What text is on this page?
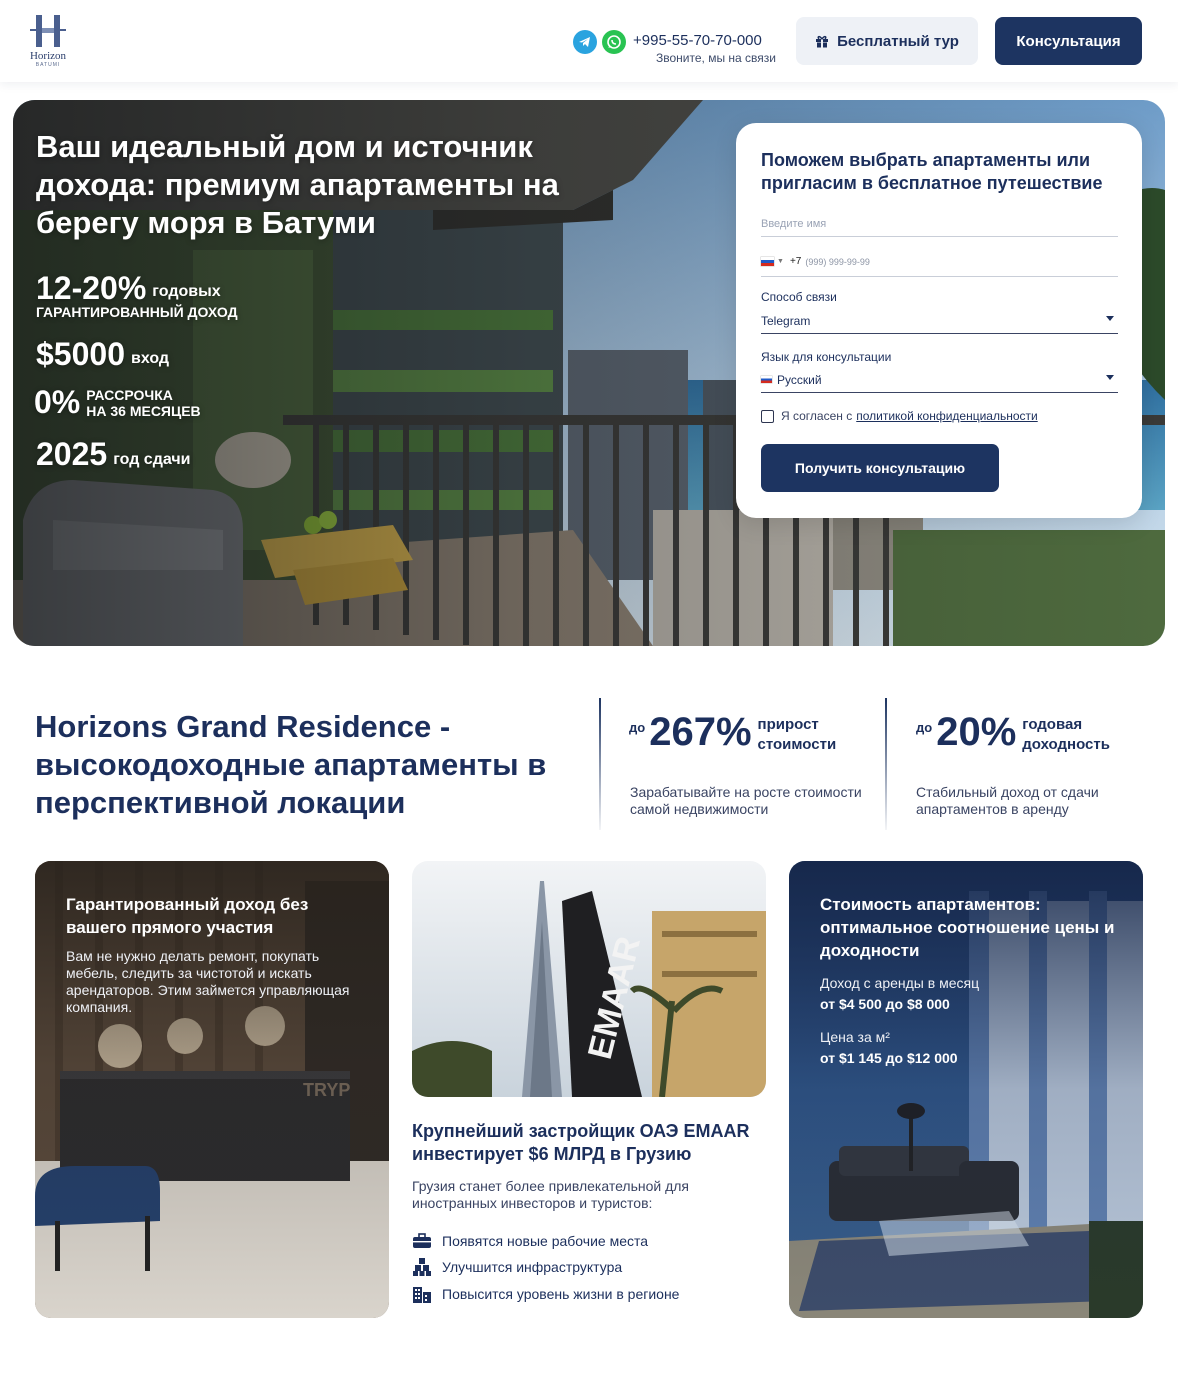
Horizon
BATUMI
+995-55-70-70-000
Звоните, мы на связи
Бесплатный тур	Консультация
Ваш идеальный дом и источник дохода: премиум апартаменты на берегу моря в Батуми
12-20% годовых
ГАРАНТИРОВАННЫЙ ДОХОД
$5000 вход
0% РАССРОЧКА
НА 36 МЕСЯЦЕВ
2025 год сдачи
Поможем выбрать апартаменты или пригласим в бесплатное путешествие
Введите имя
▼ +7
(999) 999-99-99
Способ связи
Telegram
Язык для консультации
Русский
Я согласен с политикой конфиденциальности
Получить консультацию
Horizons Grand Residence - высокодоходные апартаменты в перспективной локации
до 267% прирост
стоимости
Зарабатывайте на росте стоимости самой недвижимости
до 20% годовая
доходность
Стабильный доход от сдачи апартаментов в аренду
TRYP
Гарантированный доход без вашего прямого участия
Вам не нужно делать ремонт, покупать мебель, следить за чистотой и искать арендаторов. Этим займется управляющая компания.	EMAAR
Крупнейший застройщик ОАЭ EMAAR инвестирует $6 МЛРД в Грузию
Грузия станет более привлекательной для иностранных инвесторов и туристов:
Появятся новые рабочие места
Улучшится инфраструктура
Повысится уровень жизни в регионе
Стоимость апартаментов: оптимальное соотношение цены и доходности
Доход с аренды в месяц
от $4 500 до $8 000
Цена за м²
от $1 145 до $12 000
